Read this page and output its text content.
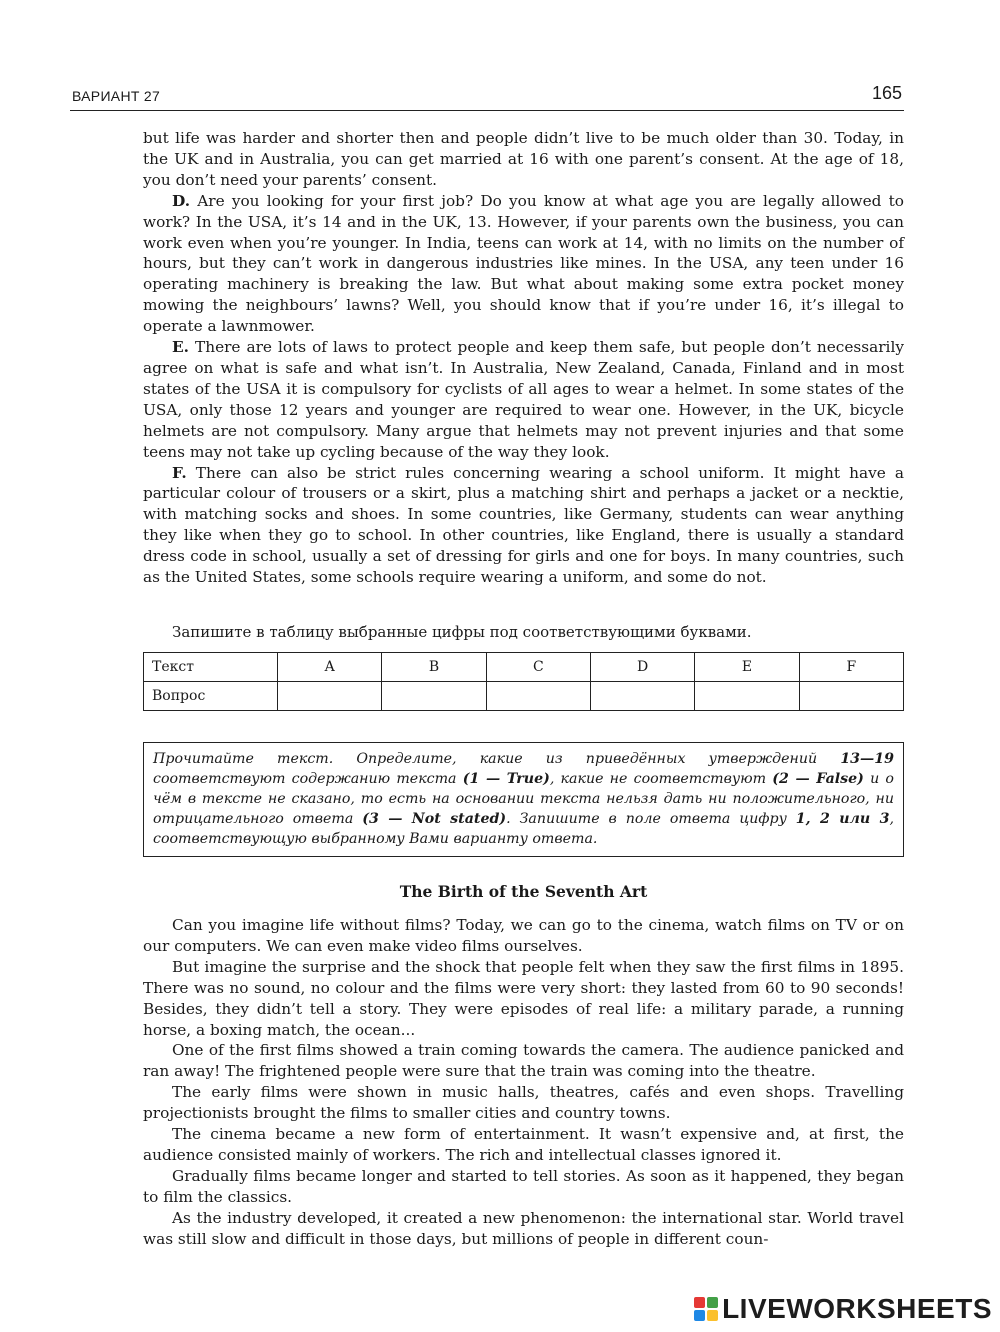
ВАРИАНТ 27	165

but life was harder and shorter then and people didn’t live to be much older than 30. Today, in the UK and in Australia, you can get married at 16 with one parent’s consent. At the age of 18, you don’t need your parents’ consent.

D. Are you looking for your first job? Do you know at what age you are legally allowed to work? In the USA, it’s 14 and in the UK, 13. However, if your parents own the business, you can work even when you’re younger. In India, teens can work at 14, with no limits on the number of hours, but they can’t work in dangerous industries like mines. In the USA, any teen under 16 operating machinery is breaking the law. But what about making some extra pocket money mowing the neighbours’ lawns? Well, you should know that if you’re under 16, it’s illegal to operate a lawnmower.

E. There are lots of laws to protect people and keep them safe, but people don’t necessarily agree on what is safe and what isn’t. In Australia, New Zealand, Canada, Finland and in most states of the USA it is compulsory for cyclists of all ages to wear a helmet. In some states of the USA, only those 12 years and younger are required to wear one. However, in the UK, bicycle helmets are not compulsory. Many argue that helmets may not prevent injuries and that some teens may not take up cycling because of the way they look.

F. There can also be strict rules concerning wearing a school uniform. It might have a particular colour of trousers or a skirt, plus a matching shirt and perhaps a jacket or a necktie, with matching socks and shoes. In some countries, like Germany, students can wear anything they like when they go to school. In other countries, like England, there is usually a standard dress code in school, usually a set of dressing for girls and one for boys. In many countries, such as the United States, some schools require wearing a uniform, and some do not.

Запишите в таблицу выбранные цифры под соответствующими буквами.
Текст	A	B	C	D	E	F
Вопрос						
Прочитайте текст. Определите, какие из приведённых утверждений 13—19 соответствуют содержанию текста (1 — True), какие не соответствуют (2 — False) и о чём в тексте не сказано, то есть на основании текста нельзя дать ни положительного, ни отрицательного ответа (3 — Not stated). Запишите в поле ответа цифру 1, 2 или 3, соответствующую выбранному Вами варианту ответа.
The Birth of the Seventh Art

Can you imagine life without films? Today, we can go to the cinema, watch films on TV or on our computers. We can even make video films ourselves.

But imagine the surprise and the shock that people felt when they saw the first films in 1895. There was no sound, no colour and the films were very short: they lasted from 60 to 90 seconds! Besides, they didn’t tell a story. They were episodes of real life: a military parade, a running horse, a boxing match, the ocean...

One of the first films showed a train coming towards the camera. The audience panicked and ran away! The frightened people were sure that the train was coming into the theatre.

The early films were shown in music halls, theatres, cafés and even shops. Travelling projectionists brought the films to smaller cities and country towns.

The cinema became a new form of entertainment. It wasn’t expensive and, at first, the audience consisted mainly of workers. The rich and intellectual classes ignored it.

Gradually films became longer and started to tell stories. As soon as it happened, they began to film the classics.

As the industry developed, it created a new phenomenon: the international star. World travel was still slow and difficult in those days, but millions of people in different coun-

LIVEWORKSHEETS
